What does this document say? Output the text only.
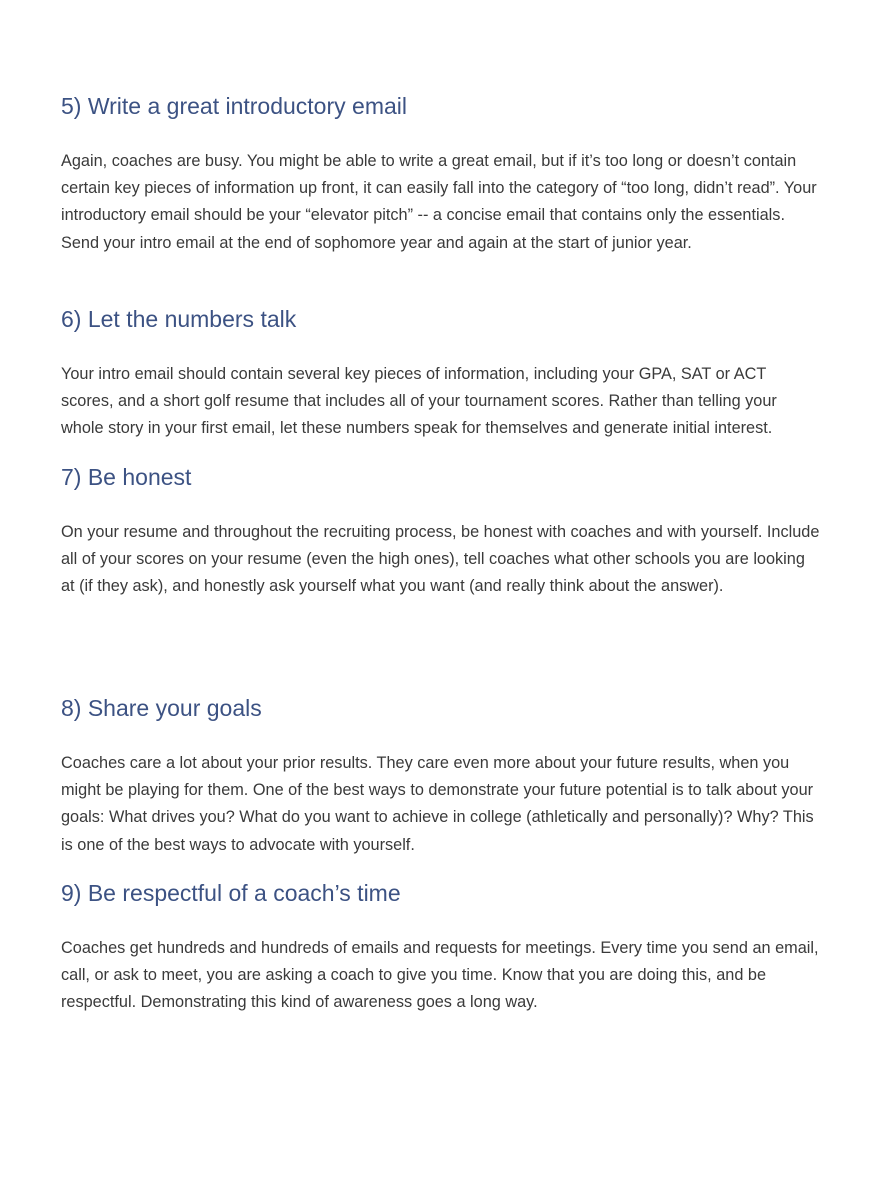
5) Write a great introductory email

Again, coaches are busy. You might be able to write a great email, but if it’s too long or doesn’t contain certain key pieces of information up front, it can easily fall into the category of “too long, didn’t read”. Your introductory email should be your “elevator pitch” -- a concise email that contains only the essentials. Send your intro email at the end of sophomore year and again at the start of junior year.

6) Let the numbers talk

Your intro email should contain several key pieces of information, including your GPA, SAT or ACT scores, and a short golf resume that includes all of your tournament scores. Rather than telling your whole story in your first email, let these numbers speak for themselves and generate initial interest.

7) Be honest

On your resume and throughout the recruiting process, be honest with coaches and with yourself. Include all of your scores on your resume (even the high ones), tell coaches what other schools you are looking at (if they ask), and honestly ask yourself what you want (and really think about the answer).

8) Share your goals

Coaches care a lot about your prior results. They care even more about your future results, when you might be playing for them. One of the best ways to demonstrate your future potential is to talk about your goals: What drives you? What do you want to achieve in college (athletically and personally)? Why? This is one of the best ways to advocate with yourself.

9) Be respectful of a coach’s time

Coaches get hundreds and hundreds of emails and requests for meetings. Every time you send an email, call, or ask to meet, you are asking a coach to give you time. Know that you are doing this, and be respectful. Demonstrating this kind of awareness goes a long way.
